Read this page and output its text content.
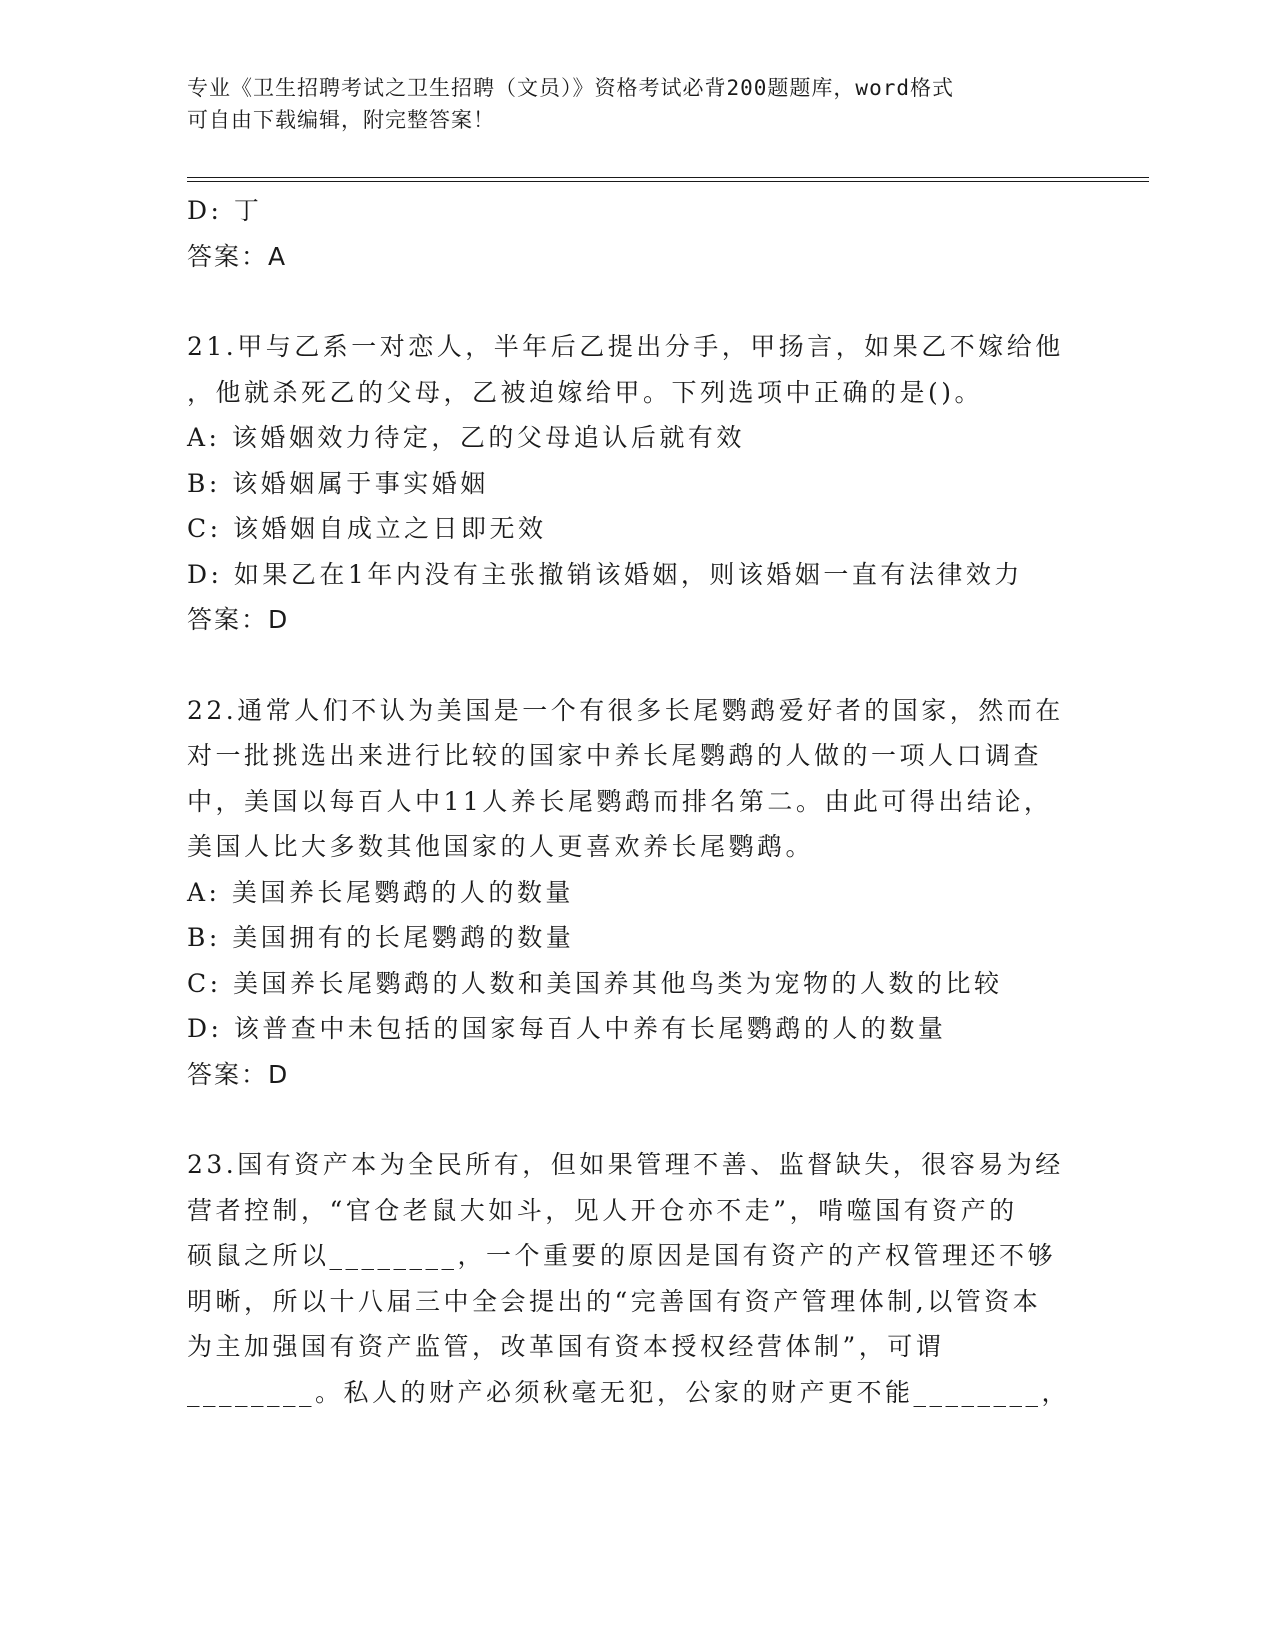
专业《卫生招聘考试之卫生招聘（文员）》资格考试必背200题题库，word格式
可自由下载编辑，附完整答案！
D: 丁
答案：A
21.甲与乙系一对恋人，半年后乙提出分手，甲扬言，如果乙不嫁给他
，他就杀死乙的父母，乙被迫嫁给甲。下列选项中正确的是()。
A: 该婚姻效力待定，乙的父母追认后就有效
B: 该婚姻属于事实婚姻
C: 该婚姻自成立之日即无效
D: 如果乙在1年内没有主张撤销该婚姻，则该婚姻一直有法律效力
答案：D
22.通常人们不认为美国是一个有很多长尾鹦鹉爱好者的国家，然而在
对一批挑选出来进行比较的国家中养长尾鹦鹉的人做的一项人口调查
中，美国以每百人中11人养长尾鹦鹉而排名第二。由此可得出结论，
美国人比大多数其他国家的人更喜欢养长尾鹦鹉。
A: 美国养长尾鹦鹉的人的数量
B: 美国拥有的长尾鹦鹉的数量
C: 美国养长尾鹦鹉的人数和美国养其他鸟类为宠物的人数的比较
D: 该普查中未包括的国家每百人中养有长尾鹦鹉的人的数量
答案：D
23.国有资产本为全民所有，但如果管理不善、监督缺失，很容易为经
营者控制，“官仓老鼠大如斗，见人开仓亦不走”，啃噬国有资产的
硕鼠之所以________，一个重要的原因是国有资产的产权管理还不够
明晰，所以十八届三中全会提出的“完善国有资产管理体制,以管资本
为主加强国有资产监管，改革国有资本授权经营体制”，可谓
________。私人的财产必须秋毫无犯，公家的财产更不能________，
